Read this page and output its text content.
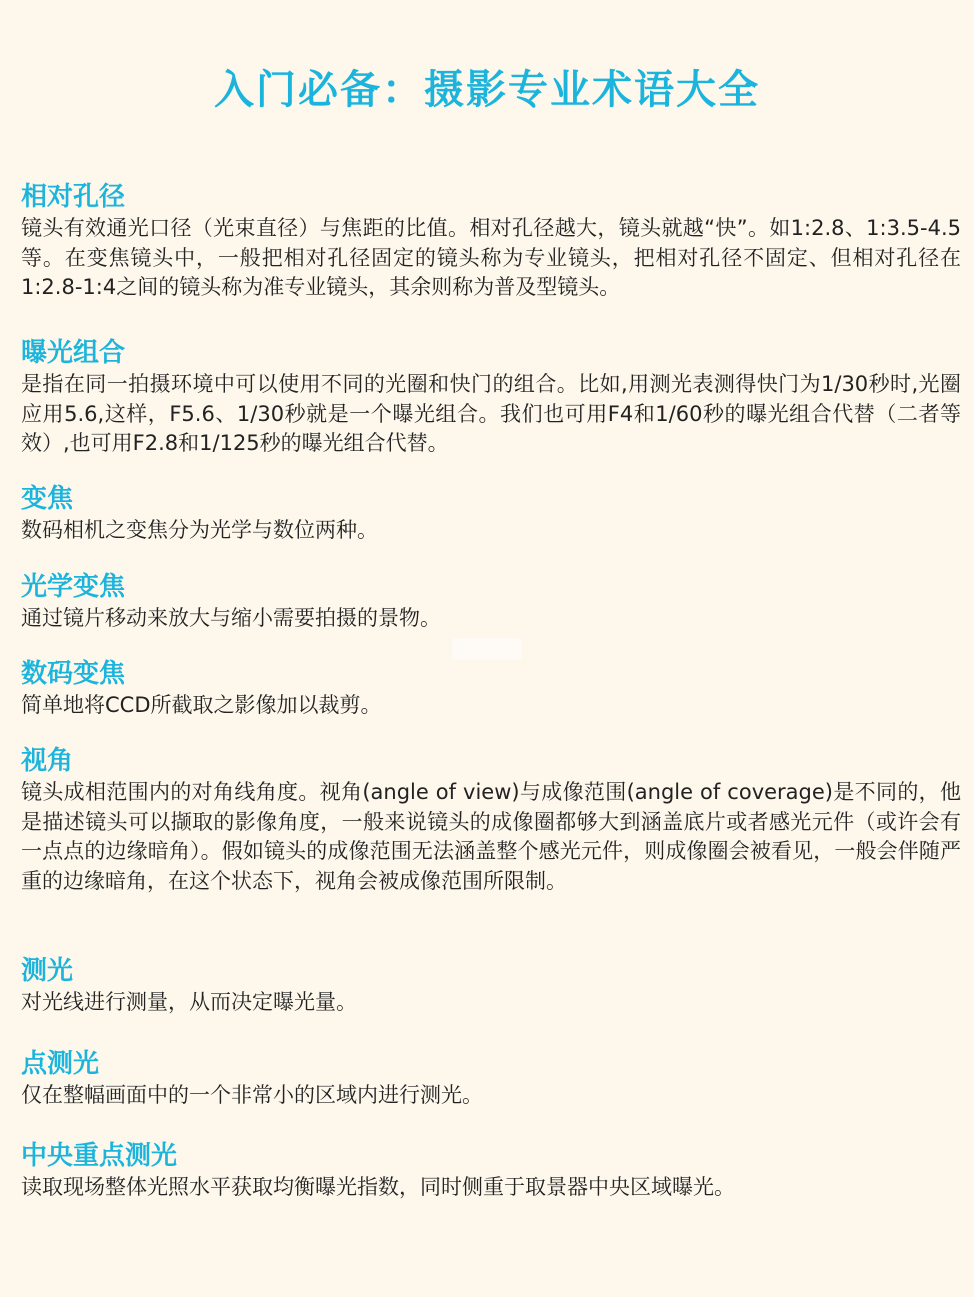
入门必备：摄影专业术语大全
相对孔径
镜头有效通光口径（光束直径）与焦距的比值。相对孔径越大，镜头就越“快”。如1:2.8、1:3.5-4.5等。在变焦镜头中，一般把相对孔径固定的镜头称为专业镜头，把相对孔径不固定、但相对孔径在1:2.8-1:4之间的镜头称为准专业镜头，其余则称为普及型镜头。
曝光组合
是指在同一拍摄环境中可以使用不同的光圈和快门的组合。比如,用测光表测得快门为1/30秒时,光圈应用5.6,这样，F5.6、1/30秒就是一个曝光组合。我们也可用F4和1/60秒的曝光组合代替（二者等效）,也可用F2.8和1/125秒的曝光组合代替。
变焦
数码相机之变焦分为光学与数位两种。
光学变焦
通过镜片移动来放大与缩小需要拍摄的景物。
数码变焦
简单地将CCD所截取之影像加以裁剪。
视角
镜头成相范围内的对角线角度。视角(angle of view)与成像范围(angle of coverage)是不同的，他是描述镜头可以撷取的影像角度，一般来说镜头的成像圈都够大到涵盖底片或者感光元件（或许会有一点点的边缘暗角）。假如镜头的成像范围无法涵盖整个感光元件，则成像圈会被看见，一般会伴随严重的边缘暗角，在这个状态下，视角会被成像范围所限制。
测光
对光线进行测量，从而决定曝光量。
点测光
仅在整幅画面中的一个非常小的区域内进行测光。
中央重点测光
读取现场整体光照水平获取均衡曝光指数，同时侧重于取景器中央区域曝光。
